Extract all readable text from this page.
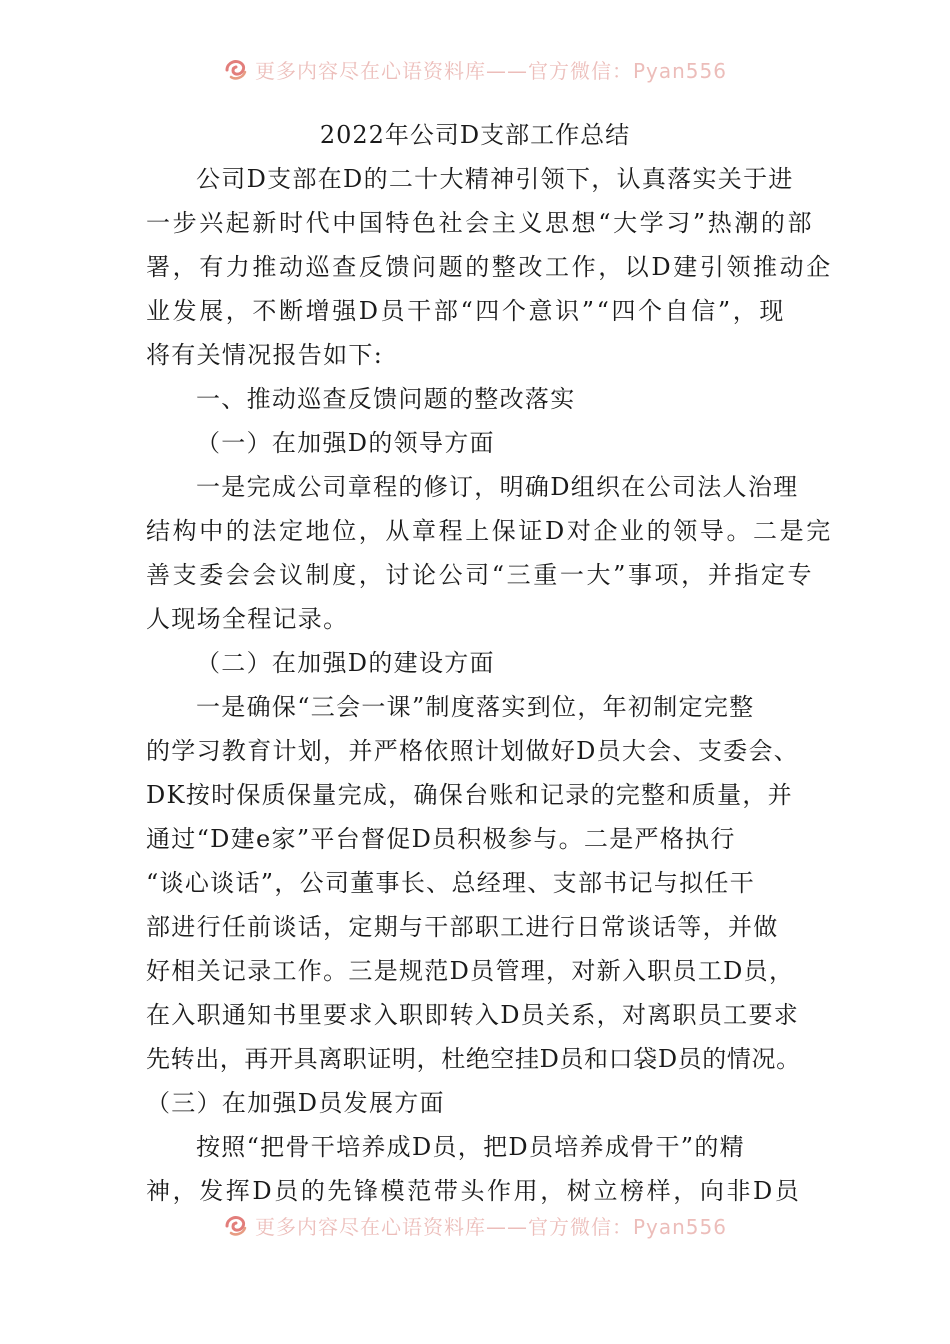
更多内容尽在心语资料库——官方微信：Pyan556
2022年公司D支部工作总结
公司D支部在D的二十大精神引领下，认真落实关于进
一步兴起新时代中国特色社会主义思想“大学习”热潮的部
署，有力推动巡查反馈问题的整改工作，以D建引领推动企
业发展，不断增强D员干部“四个意识”“四个自信”，现
将有关情况报告如下:
一、推动巡查反馈问题的整改落实
（一）在加强D的领导方面
一是完成公司章程的修订，明确D组织在公司法人治理
结构中的法定地位，从章程上保证D对企业的领导。二是完
善支委会会议制度，讨论公司“三重一大”事项，并指定专
人现场全程记录。
（二）在加强D的建设方面
一是确保“三会一课”制度落实到位，年初制定完整
的学习教育计划，并严格依照计划做好D员大会、支委会、
DK按时保质保量完成，确保台账和记录的完整和质量，并
通过“D建e家”平台督促D员积极参与。二是严格执行
“谈心谈话”，公司董事长、总经理、支部书记与拟任干
部进行任前谈话，定期与干部职工进行日常谈话等，并做
好相关记录工作。三是规范D员管理，对新入职员工D员，
在入职通知书里要求入职即转入D员关系，对离职员工要求
先转出，再开具离职证明，杜绝空挂D员和口袋D员的情况。
（三）在加强D员发展方面
按照“把骨干培养成D员，把D员培养成骨干”的精
神，发挥D员的先锋模范带头作用，树立榜样，向非D员
更多内容尽在心语资料库——官方微信：Pyan556
